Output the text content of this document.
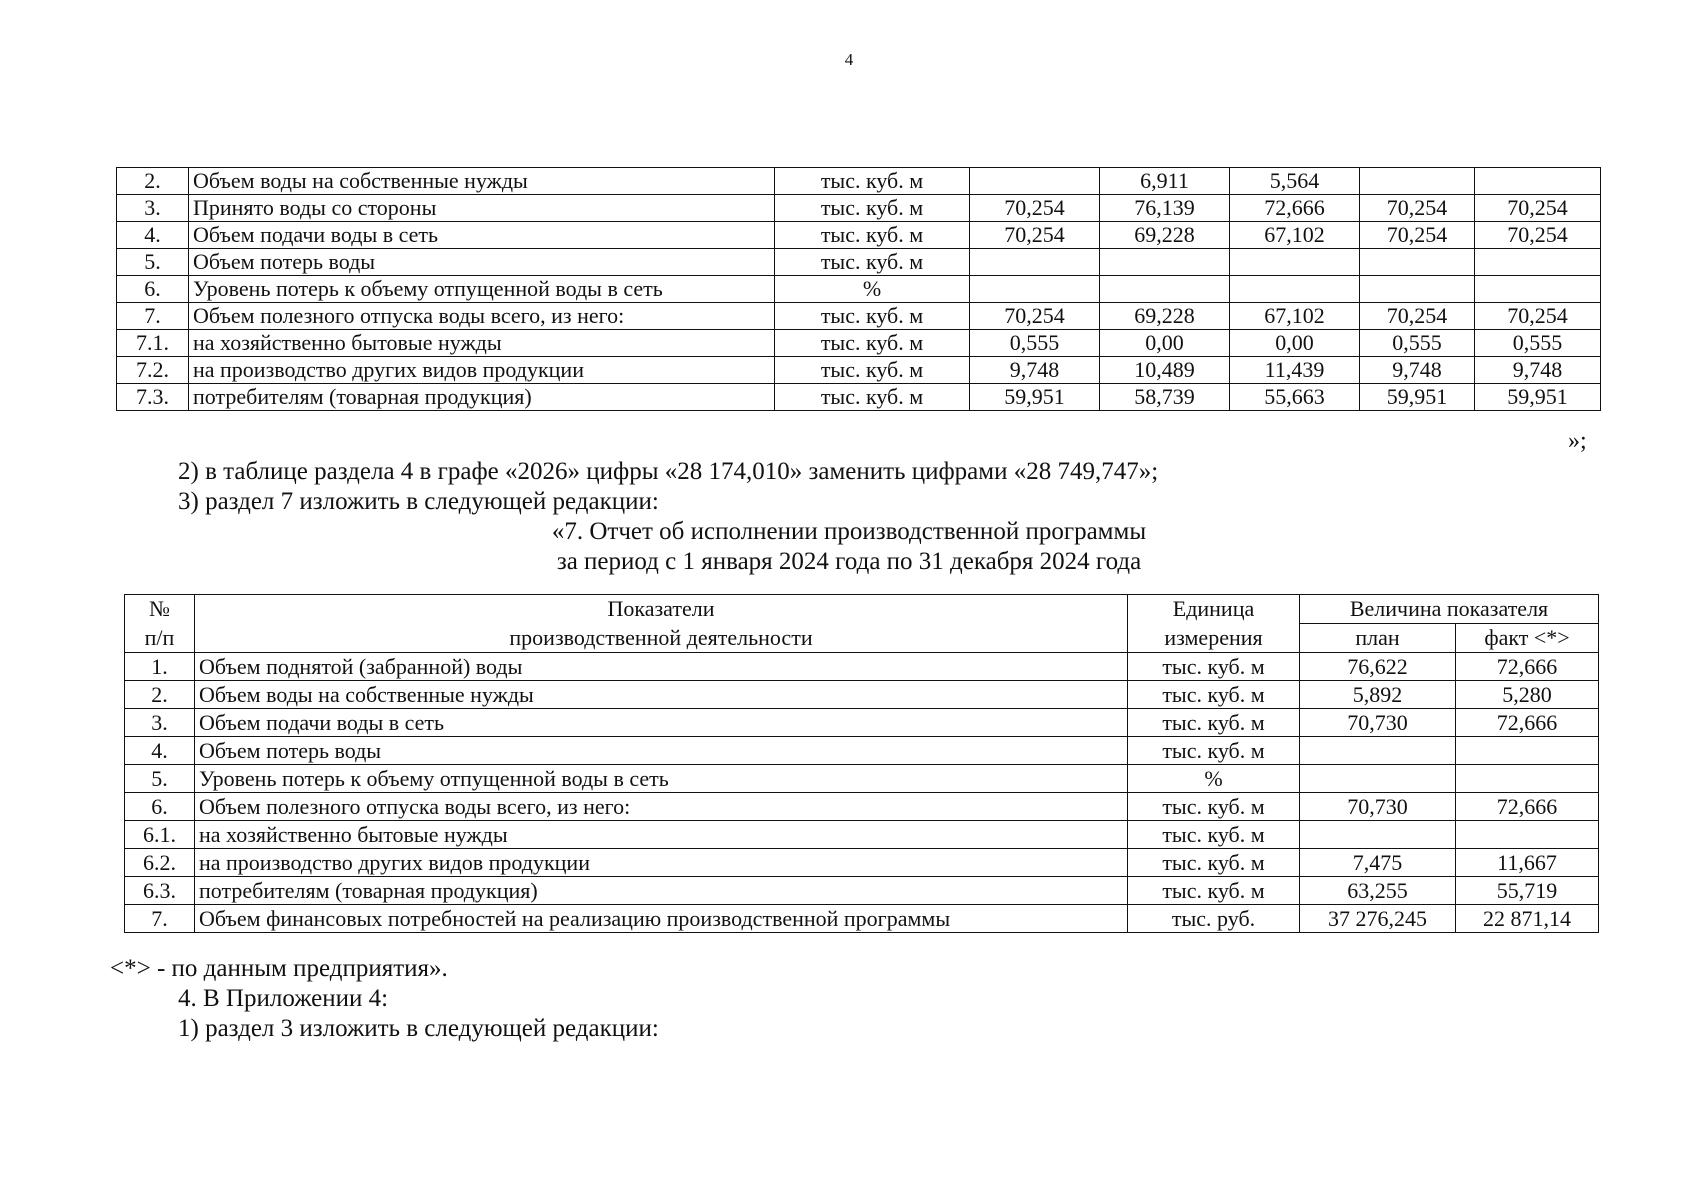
4
2.	Объем воды на собственные нужды	тыс. куб. м		6,911	5,564		
3.	Принято воды со стороны	тыс. куб. м	70,254	76,139	72,666	70,254	70,254
4.	Объем подачи воды в сеть	тыс. куб. м	70,254	69,228	67,102	70,254	70,254
5.	Объем потерь воды	тыс. куб. м					
6.	Уровень потерь к объему отпущенной воды в сеть	%					
7.	Объем полезного отпуска воды всего, из него:	тыс. куб. м	70,254	69,228	67,102	70,254	70,254
7.1.	на хозяйственно бытовые нужды	тыс. куб. м	0,555	0,00	0,00	0,555	0,555
7.2.	на производство других видов продукции	тыс. куб. м	9,748	10,489	11,439	9,748	9,748
7.3.	потребителям (товарная продукция)	тыс. куб. м	59,951	58,739	55,663	59,951	59,951
»;
2) в таблице раздела 4 в графе «2026» цифры «28 174,010» заменить цифрами «28 749,747»;
3) раздел 7 изложить в следующей редакции:
«7. Отчет об исполнении производственной программы
за период с 1 января 2024 года по 31 декабря 2024 года
№	Показатели	Единица	Величина показателя	
п/п	производственной деятельности	измерения	план	факт <*>
1.	Объем поднятой (забранной) воды	тыс. куб. м	76,622	72,666
2.	Объем воды на собственные нужды	тыс. куб. м	5,892	5,280
3.	Объем подачи воды в сеть	тыс. куб. м	70,730	72,666
4.	Объем потерь воды	тыс. куб. м		
5.	Уровень потерь к объему отпущенной воды в сеть	%		
6.	Объем полезного отпуска воды всего, из него:	тыс. куб. м	70,730	72,666
6.1.	на хозяйственно бытовые нужды	тыс. куб. м		
6.2.	на производство других видов продукции	тыс. куб. м	7,475	11,667
6.3.	потребителям (товарная продукция)	тыс. куб. м	63,255	55,719
7.	Объем финансовых потребностей на реализацию производственной программы	тыс. руб.	37 276,245	22 871,14
<*> - по данным предприятия».
4. В Приложении 4:
1) раздел 3 изложить в следующей редакции:
